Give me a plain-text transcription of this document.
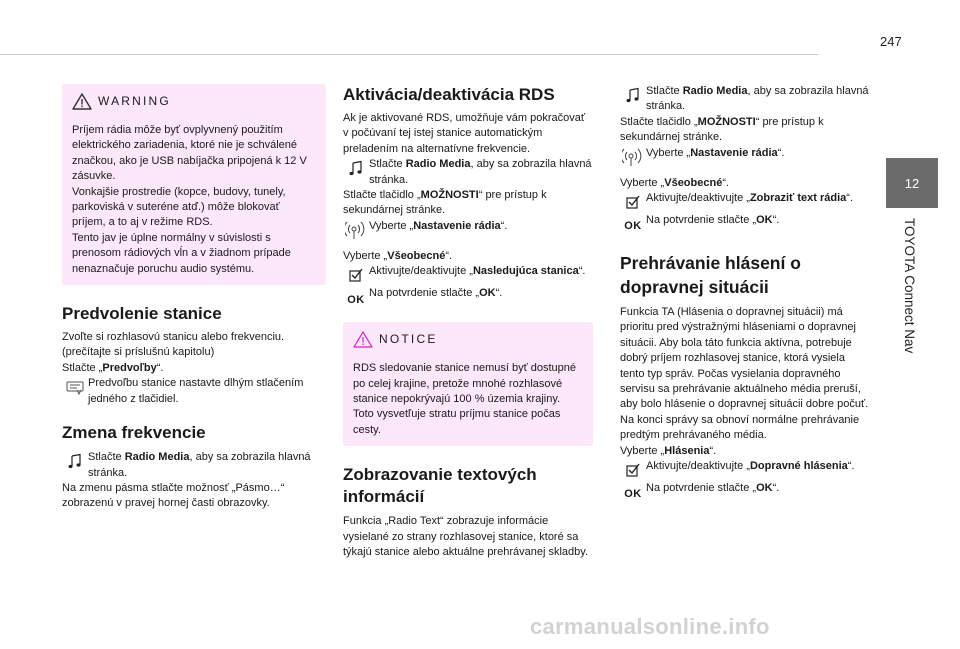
247
12
TOYOTA Connect Nav
WARNING

Príjem rádia môže byť ovplyvnený použitím elektrického zariadenia, ktoré nie je schválené značkou, ako je USB nabíjačka pripojená k 12 V zásuvke.

Vonkajšie prostredie (kopce, budovy, tunely, parkoviská v suteréne atď.) môže blokovať príjem, a to aj v režime RDS.

Tento jav je úplne normálny v súvislosti s prenosom rádiových vĺn a v žiadnom prípade nenaznačuje poruchu audio systému.

Predvolenie stanice

Zvoľte si rozhlasovú stanicu alebo frekvenciu.

(prečítajte si príslušnú kapitolu)

Stlačte „Predvoľby“.

Predvoľbu stanice nastavte dlhým stlačením jedného z tlačidiel.
Zmena frekvencie
Stlačte Radio Media, aby sa zobrazila hlavná stránka.

Na zmenu pásma stlačte možnosť „Pásmo…“ zobrazenú v pravej hornej časti obrazovky.

Aktivácia/deaktivácia RDS

Ak je aktivované RDS, umožňuje vám pokračovať v počúvaní tej istej stanice automatickým preladením na alternatívne frekvencie.

Stlačte Radio Media, aby sa zobrazila hlavná stránka.

Stlačte tlačidlo „MOŽNOSTI“ pre prístup k sekundárnej stránke.

Vyberte „Nastavenie rádia“.

Vyberte „Všeobecné“.

Aktivujte/deaktivujte „Nasledujúca stanica“.
OK
Na potvrdenie stlačte „OK“.
NOTICE

RDS sledovanie stanice nemusí byť dostupné po celej krajine, pretože mnohé rozhlasové stanice nepokrývajú 100 % územia krajiny. Toto vysvetľuje stratu príjmu stanice počas cesty.

Zobrazovanie textových informácií

Funkcia „Radio Text“ zobrazuje informácie vysielané zo strany rozhlasovej stanice, ktoré sa týkajú stanice alebo aktuálne prehrávanej skladby.

Stlačte Radio Media, aby sa zobrazila hlavná stránka.

Stlačte tlačidlo „MOŽNOSTI“ pre prístup k sekundárnej stránke.

Vyberte „Nastavenie rádia“.

Vyberte „Všeobecné“.

Aktivujte/deaktivujte „Zobraziť text rádia“.
OK
Na potvrdenie stlačte „OK“.
Prehrávanie hlásení o dopravnej situácii

Funkcia TA (Hlásenia o dopravnej situácii) má prioritu pred výstražnými hláseniami o dopravnej situácii. Aby bola táto funkcia aktívna, potrebuje dobrý príjem rozhlasovej stanice, ktorá vysiela tento typ správ. Počas vysielania dopravného servisu sa prehrávanie aktuálneho média preruší, aby bolo hlásenie o dopravnej situácii dobre počuť. Na konci správy sa obnoví normálne prehrávanie predtým prehrávaného média.

Vyberte „Hlásenia“.

Aktivujte/deaktivujte „Dopravné hlásenia“.
OK
Na potvrdenie stlačte „OK“.
carmanualsonline.info
